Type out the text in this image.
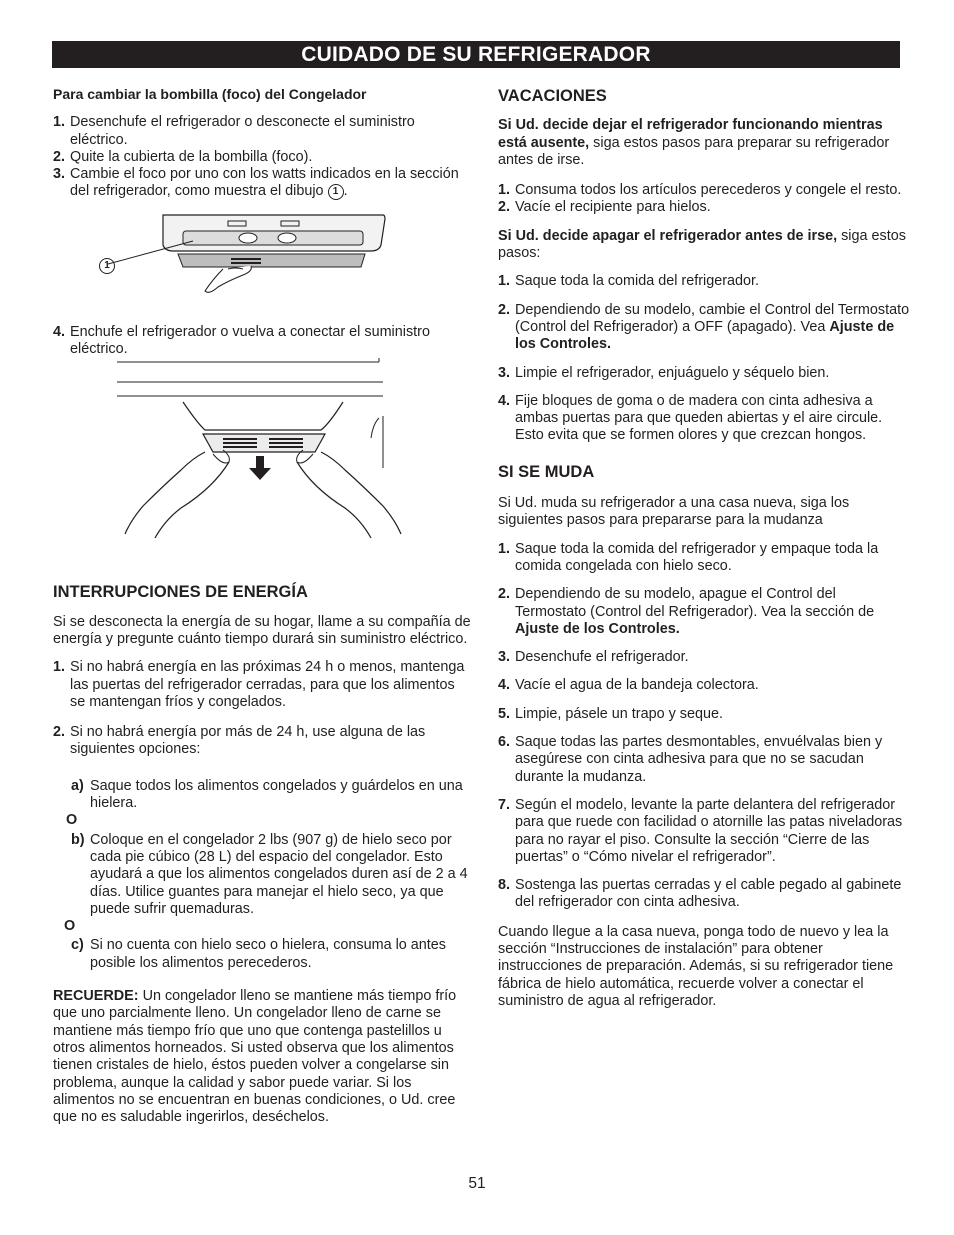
CUIDADO DE SU REFRIGERADOR

Para cambiar la bombilla (foco) del Congelador

1. Desenchufe el refrigerador o desconecte el suministro eléctrico.
2. Quite la cubierta de la bombilla (foco).
3. Cambie el foco por uno con los watts indicados en la sección del refrigerador, como muestra el dibujo 1 .
1
4. Enchufe el refrigerador o vuelva a conectar el suministro eléctrico.

INTERRUPCIONES DE ENERGÍA

Si se desconecta la energía de su hogar, llame a su compañía de energía y pregunte cuánto tiempo durará sin suministro eléctrico.

1. Si no habrá energía en las próximas 24 h o menos, mantenga las puertas del refrigerador cerradas, para que los alimentos se mantengan fríos y congelados.
2. Si no habrá energía por más de 24 h, use alguna de las siguientes opciones:
a) Saque todos los alimentos congelados y guárdelos en una hielera.
O
b) Coloque en el congelador 2 lbs (907 g) de hielo seco por cada pie cúbico (28 L) del espacio del congelador. Esto ayudará a que los alimentos congelados duren así de 2 a 4 días. Utilice guantes para manejar el hielo seco, ya que puede sufrir quemaduras.
O
c) Si no cuenta con hielo seco o hielera, consuma lo antes posible los alimentos perecederos.

RECUERDE: Un congelador lleno se mantiene más tiempo frío que uno parcialmente lleno. Un congelador lleno de carne se mantiene más tiempo frío que uno que contenga pastelillos u otros alimentos horneados. Si usted observa que los alimentos tienen cristales de hielo, éstos pueden volver a congelarse sin problema, aunque la calidad y sabor puede variar. Si los alimentos no se encuentran en buenas condiciones, o Ud. cree que no es saludable ingerirlos, deséchelos.

VACACIONES

Si Ud. decide dejar el refrigerador funcionando mientras está ausente, siga estos pasos para preparar su refrigerador antes de irse.

1. Consuma todos los artículos perecederos y congele el resto.
2. Vacíe el recipiente para hielos.

Si Ud. decide apagar el refrigerador antes de irse, siga estos pasos:

1. Saque toda la comida del refrigerador.
2. Dependiendo de su modelo, cambie el Control del Termostato (Control del Refrigerador) a OFF (apagado). Vea Ajuste de los Controles.
3. Limpie el refrigerador, enjuáguelo y séquelo bien.
4. Fije bloques de goma o de madera con cinta adhesiva a ambas puertas para que queden abiertas y el aire circule. Esto evita que se formen olores y que crezcan hongos.

SI SE MUDA

Si Ud. muda su refrigerador a una casa nueva, siga los siguientes pasos para prepararse para la mudanza

1. Saque toda la comida del refrigerador y empaque toda la comida congelada con hielo seco.
2. Dependiendo de su modelo, apague el Control del Termostato (Control del Refrigerador). Vea la sección de Ajuste de los Controles.
3. Desenchufe el refrigerador.
4. Vacíe el agua de la bandeja colectora.
5. Limpie, pásele un trapo y seque.
6. Saque todas las partes desmontables, envuélvalas bien y asegúrese con cinta adhesiva para que no se sacudan durante la mudanza.
7. Según el modelo, levante la parte delantera del refrigerador para que ruede con facilidad o atornille las patas niveladoras para no rayar el piso. Consulte la sección “Cierre de las puertas” o “Cómo nivelar el refrigerador”.
8. Sostenga las puertas cerradas y el cable pegado al gabinete del refrigerador con cinta adhesiva.

Cuando llegue a la casa nueva, ponga todo de nuevo y lea la sección “Instrucciones de instalación” para obtener instrucciones de preparación. Además, si su refrigerador tiene fábrica de hielo automática, recuerde volver a conectar el suministro de agua al refrigerador.

51
